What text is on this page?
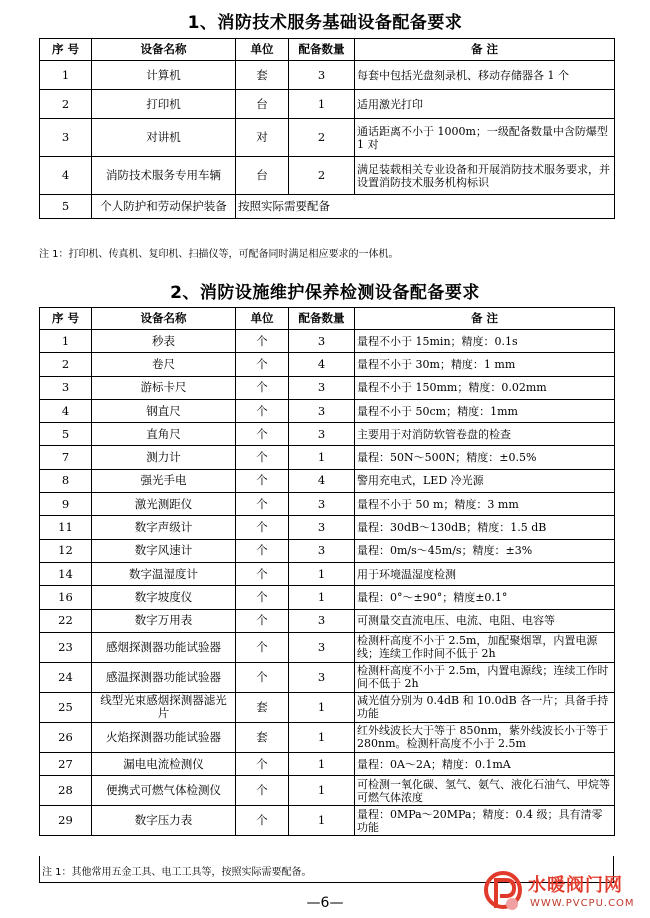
1、消防技术服务基础设备配备要求
序 号	设备名称	单位	配备数量	备 注
1	计算机	套	3	每套中包括光盘刻录机、移动存储器各 1 个
2	打印机	台	1	适用激光打印
3	对讲机	对	2	通话距离不小于 1000m；一级配备数量中含防爆型 1 对
4	消防技术服务专用车辆	台	2	满足装载相关专业设备和开展消防技术服务要求，并设置消防技术服务机构标识
5	个人防护和劳动保护装备	按照实际需要配备		
注 1：打印机、传真机、复印机、扫描仪等，可配备同时满足相应要求的一体机。
2、消防设施维护保养检测设备配备要求
序 号	设备名称	单位	配备数量	备 注
1	秒表	个	3	量程不小于 15min；精度：0.1s
2	卷尺	个	4	量程不小于 30m；精度：1 mm
3	游标卡尺	个	3	量程不小于 150mm；精度：0.02mm
4	钢直尺	个	3	量程不小于 50cm；精度：1mm
5	直角尺	个	3	主要用于对消防软管卷盘的检查
7	测力计	个	1	量程：50N～500N；精度：±0.5%
8	强光手电	个	4	警用充电式，LED 冷光源
9	激光测距仪	个	3	量程不小于 50 m；精度：3 mm
11	数字声级计	个	3	量程：30dB～130dB；精度：1.5 dB
12	数字风速计	个	3	量程：0m/s～45m/s；精度：±3%
14	数字温湿度计	个	1	用于环境温湿度检测
16	数字坡度仪	个	1	量程：0°～±90°；精度±0.1°
22	数字万用表	个	3	可测量交直流电压、电流、电阻、电容等
23	感烟探测器功能试验器	个	3	检测杆高度不小于 2.5m，加配聚烟罩，内置电源线；连续工作时间不低于 2h
24	感温探测器功能试验器	个	3	检测杆高度不小于 2.5m，内置电源线；连续工作时间不低于 2h
25	线型光束感烟探测器滤光片	套	1	减光值分别为 0.4dB 和 10.0dB 各一片；具备手持功能
26	火焰探测器功能试验器	套	1	红外线波长大于等于 850nm，紫外线波长小于等于 280nm。检测杆高度不小于 2.5m
27	漏电电流检测仪	个	1	量程：0A～2A；精度：0.1mA
28	便携式可燃气体检测仪	个	1	可检测一氧化碳、氢气、氨气、液化石油气、甲烷等可燃气体浓度
29	数字压力表	个	1	量程：0MPa～20MPa；精度：0.4 级；具有清零功能
注 1：其他常用五金工具、电工工具等，按照实际需要配备。
—6—
水暖阀门网
WWW.PVCPU.COM
